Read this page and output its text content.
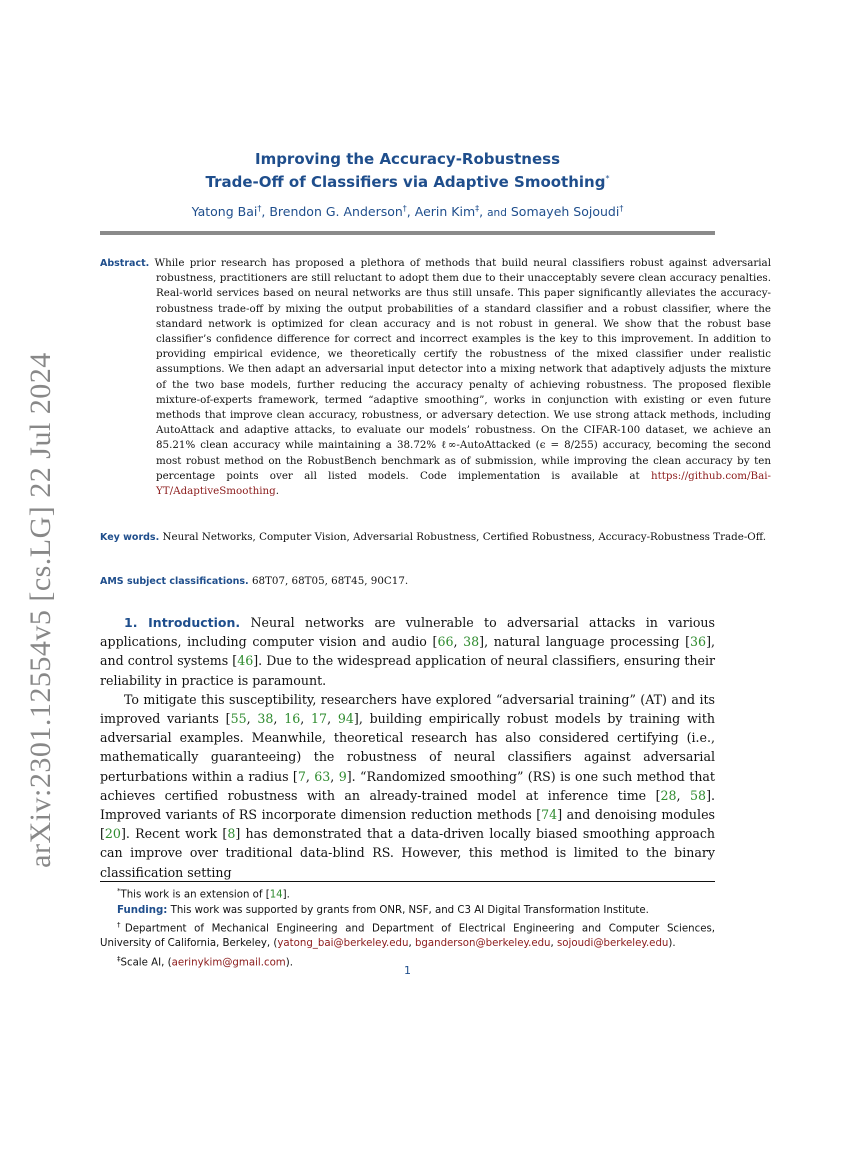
arXiv:2301.12554v5 [cs.LG] 22 Jul 2024
Improving the Accuracy-Robustness
Trade-Off of Classifiers via Adaptive Smoothing*
Yatong Bai†, Brendon G. Anderson†, Aerin Kim‡, and Somayeh Sojoudi†
Abstract. While prior research has proposed a plethora of methods that build neural classifiers robust against adversarial robustness, practitioners are still reluctant to adopt them due to their unacceptably severe clean accuracy penalties. Real-world services based on neural networks are thus still unsafe. This paper significantly alleviates the accuracy-robustness trade-off by mixing the output probabilities of a standard classifier and a robust classifier, where the standard network is optimized for clean accuracy and is not robust in general. We show that the robust base classifier’s confidence difference for correct and incorrect examples is the key to this improvement. In addition to providing empirical evidence, we theoretically certify the robustness of the mixed classifier under realistic assumptions. We then adapt an adversarial input detector into a mixing network that adaptively adjusts the mixture of the two base models, further reducing the accuracy penalty of achieving robustness. The proposed flexible mixture-of-experts framework, termed “adaptive smoothing”, works in conjunction with existing or even future methods that improve clean accuracy, robustness, or adversary detection. We use strong attack methods, including AutoAttack and adaptive attacks, to evaluate our models’ robustness. On the CIFAR-100 dataset, we achieve an 85.21% clean accuracy while maintaining a 38.72% ℓ∞-AutoAttacked (ϵ = 8/255) accuracy, becoming the second most robust method on the RobustBench benchmark as of submission, while improving the clean accuracy by ten percentage points over all listed models. Code implementation is available at https://github.com/Bai-YT/AdaptiveSmoothing.
Key words. Neural Networks, Computer Vision, Adversarial Robustness, Certified Robustness, Accuracy-Robustness Trade-Off.
AMS subject classifications. 68T07, 68T05, 68T45, 90C17.

1. Introduction. Neural networks are vulnerable to adversarial attacks in various applications, including computer vision and audio [66, 38], natural language processing [36], and control systems [46]. Due to the widespread application of neural classifiers, ensuring their reliability in practice is paramount.

To mitigate this susceptibility, researchers have explored “adversarial training” (AT) and its improved variants [55, 38, 16, 17, 94], building empirically robust models by training with adversarial examples. Meanwhile, theoretical research has also considered certifying (i.e., mathematically guaranteeing) the robustness of neural classifiers against adversarial perturbations within a radius [7, 63, 9]. “Randomized smoothing” (RS) is one such method that achieves certified robustness with an already-trained model at inference time [28, 58]. Improved variants of RS incorporate dimension reduction methods [74] and denoising modules [20]. Recent work [8] has demonstrated that a data-driven locally biased smoothing approach can improve over traditional data-blind RS. However, this method is limited to the binary classification setting

*This work is an extension of [14].

Funding: This work was supported by grants from ONR, NSF, and C3 AI Digital Transformation Institute.

†Department of Mechanical Engineering and Department of Electrical Engineering and Computer Sciences, University of California, Berkeley, (yatong_bai@berkeley.edu, bganderson@berkeley.edu, sojoudi@berkeley.edu).

‡Scale AI, (aerinykim@gmail.com).

1
